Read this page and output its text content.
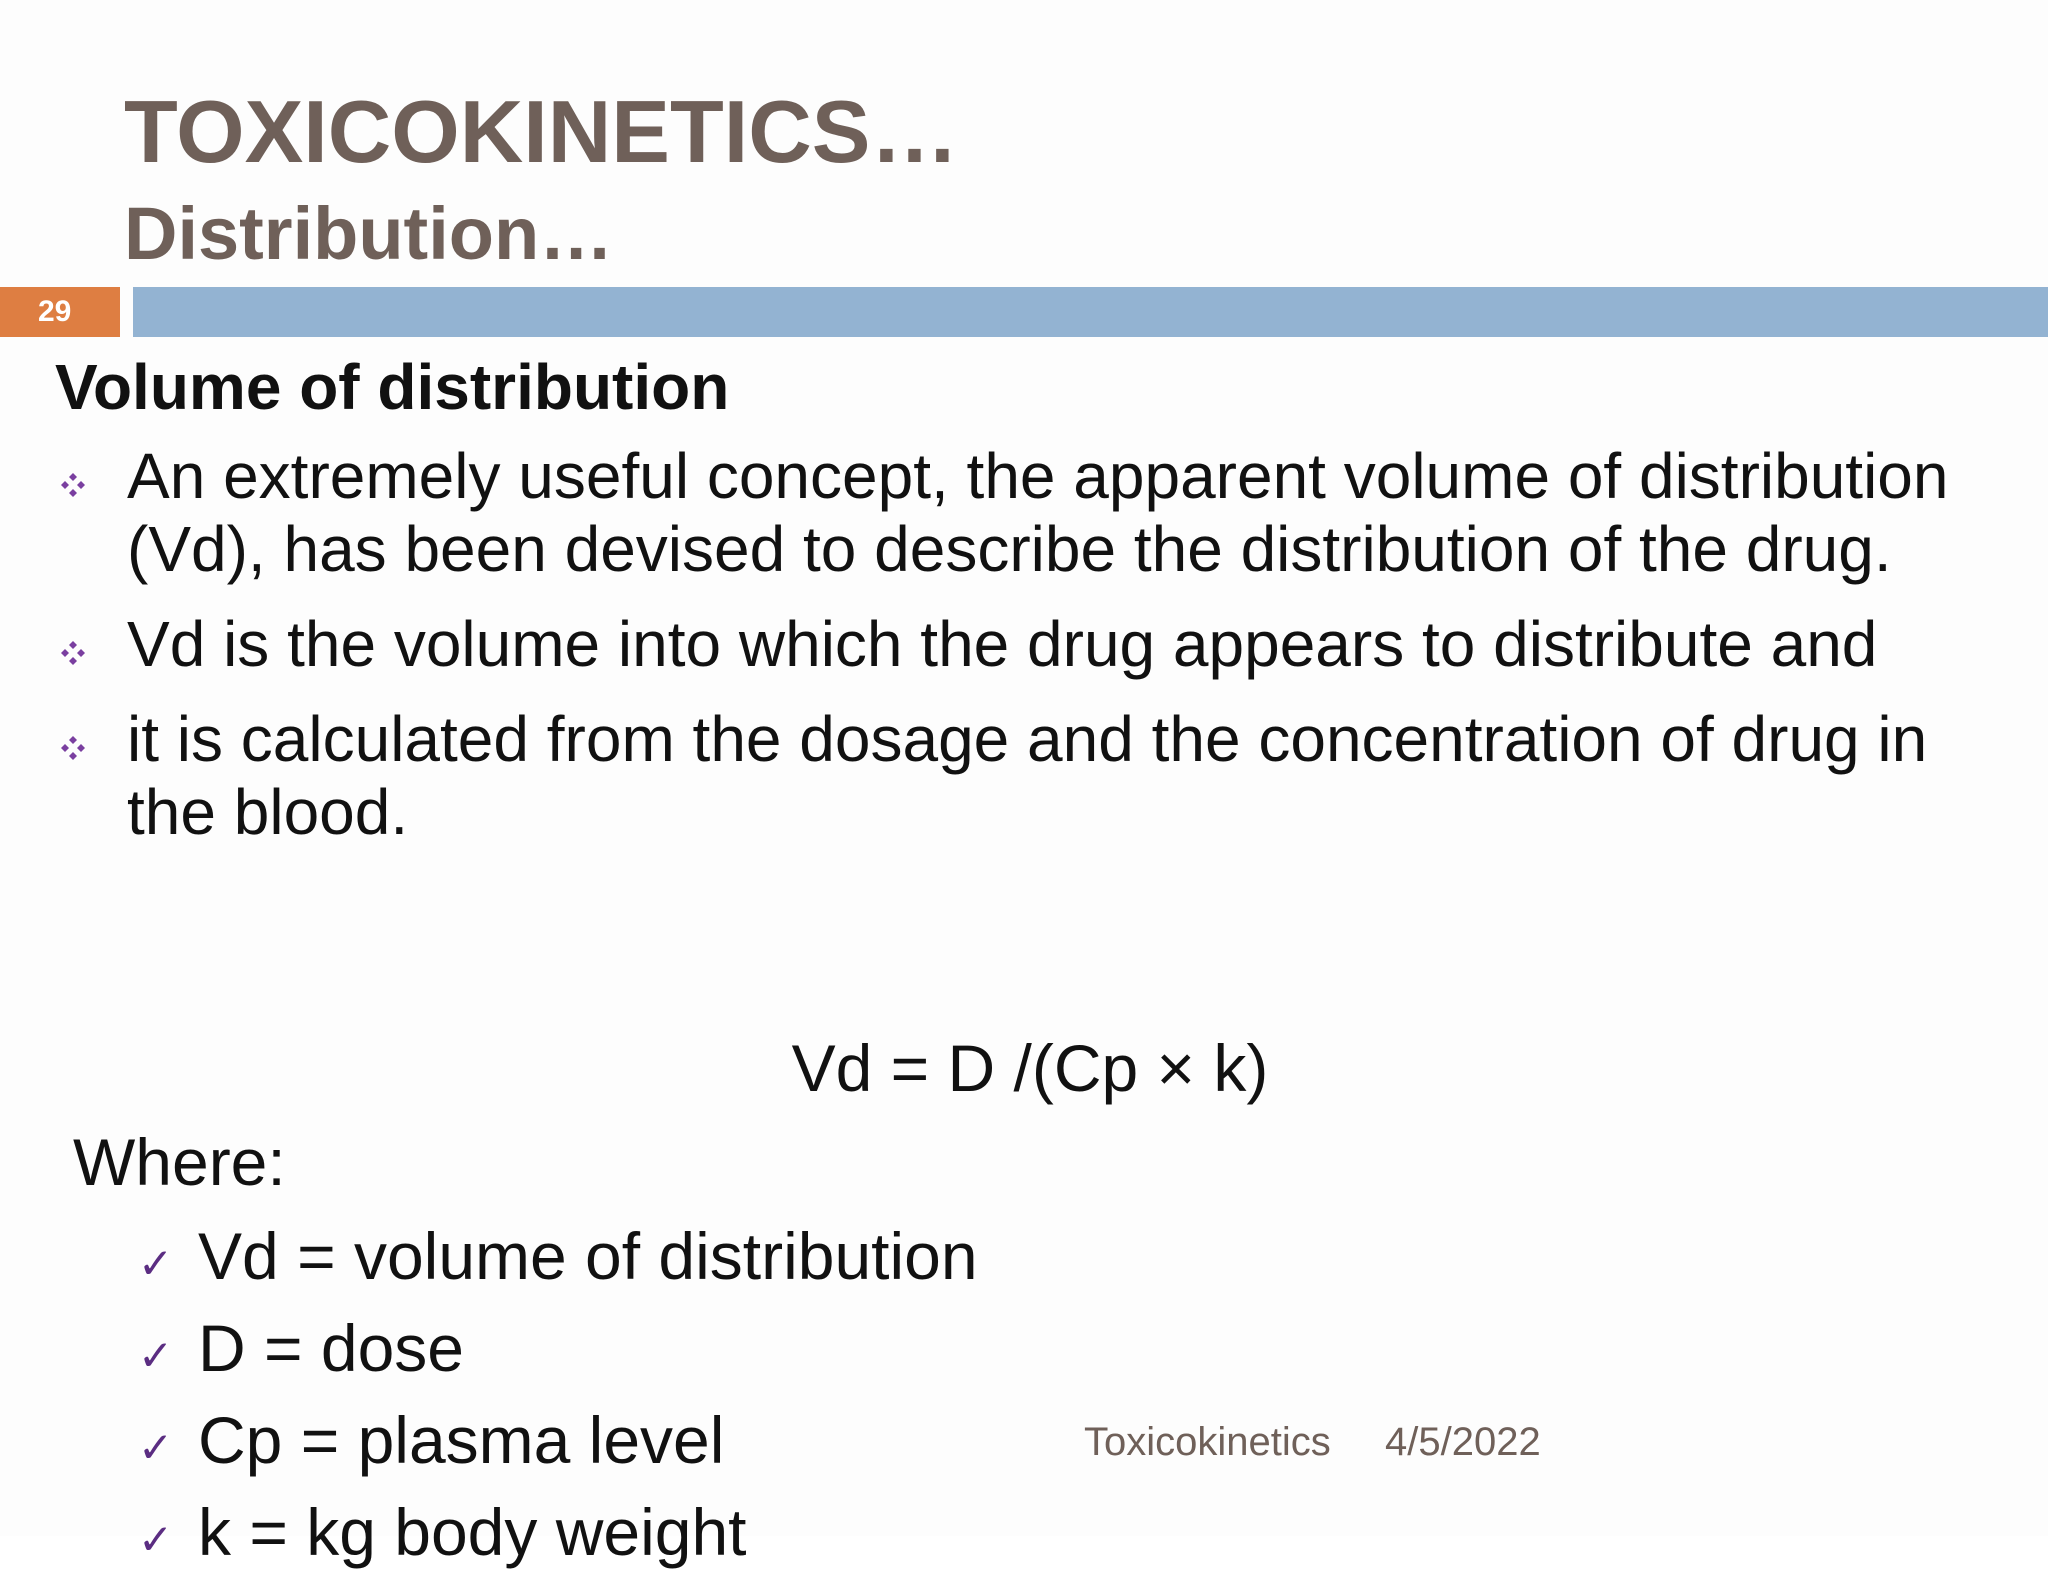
TOXICOKINETICS…
Distribution…
29
Volume of distribution
An extremely useful concept, the apparent volume of distribution (Vd), has been devised to describe the distribution of the drug.
Vd is the volume into which the drug appears to distribute and
it is calculated from the dosage and the concentration of drug in the blood.

Vd = D /(Cp × k)

Where:

✓ Vd = volume of distribution
✓ D = dose
✓ Cp = plasma level
✓ k = kg body weight

Toxicokinetics 4/5/2022
